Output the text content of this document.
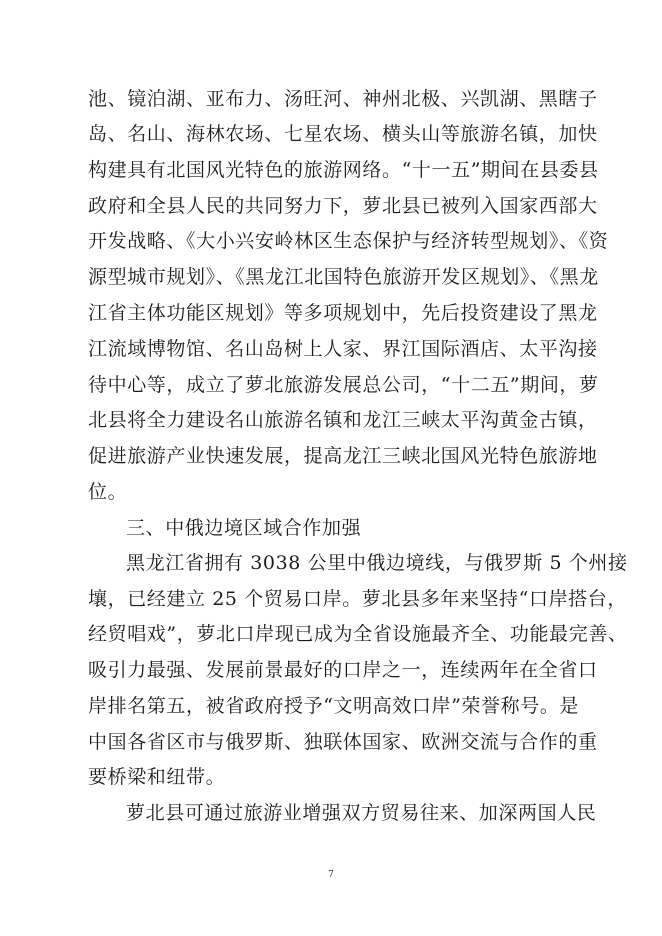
池、镜泊湖、亚布力、汤旺河、神州北极、兴凯湖、黑瞎子
岛、名山、海林农场、七星农场、横头山等旅游名镇，加快
构建具有北国风光特色的旅游网络。“十一五”期间在县委县
政府和全县人民的共同努力下，萝北县已被列入国家西部大
开发战略、《大小兴安岭林区生态保护与经济转型规划》、《资
源型城市规划》、《黑龙江北国特色旅游开发区规划》、《黑龙
江省主体功能区规划》等多项规划中，先后投资建设了黑龙
江流域博物馆、名山岛树上人家、界江国际酒店、太平沟接
待中心等，成立了萝北旅游发展总公司，“十二五”期间，萝
北县将全力建设名山旅游名镇和龙江三峡太平沟黄金古镇，
促进旅游产业快速发展，提高龙江三峡北国风光特色旅游地
位。
三、中俄边境区域合作加强
黑龙江省拥有 3038 公里中俄边境线，与俄罗斯 5 个州接
壤，已经建立 25 个贸易口岸。萝北县多年来坚持“口岸搭台，
经贸唱戏”，萝北口岸现已成为全省设施最齐全、功能最完善、
吸引力最强、发展前景最好的口岸之一，连续两年在全省口
岸排名第五，被省政府授予“文明高效口岸”荣誉称号。是
中国各省区市与俄罗斯、独联体国家、欧洲交流与合作的重
要桥梁和纽带。
萝北县可通过旅游业增强双方贸易往来、加深两国人民
7
